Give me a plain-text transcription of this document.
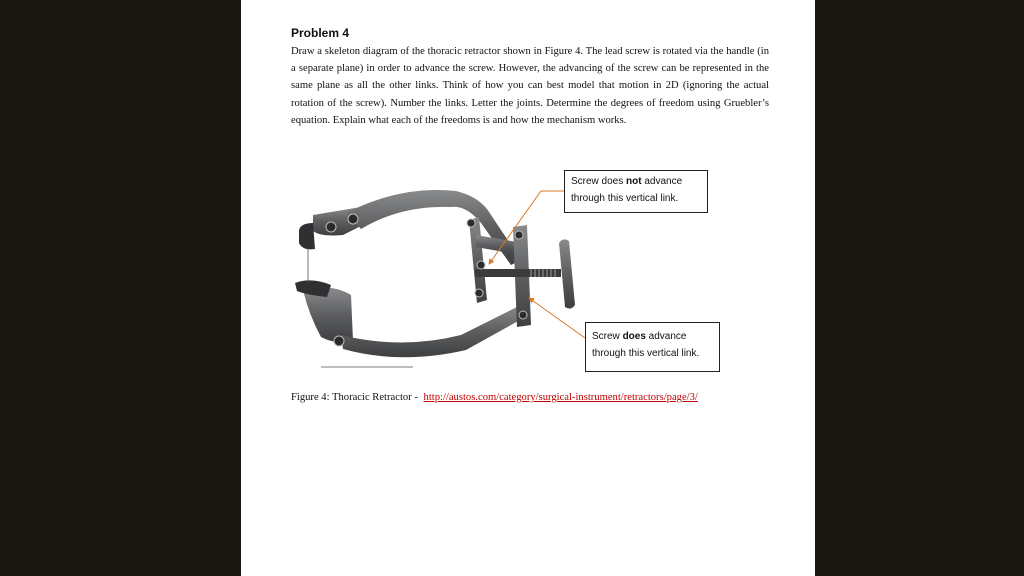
Problem 4
Draw a skeleton diagram of the thoracic retractor shown in Figure 4. The lead screw is rotated via the handle (in a separate plane) in order to advance the screw. However, the advancing of the screw can be represented in the same plane as all the other links. Think of how you can best model that motion in 2D (ignoring the actual rotation of the screw). Number the links. Letter the joints. Determine the degrees of freedom using Gruebler’s equation. Explain what each of the freedoms is and how the mechanism works.
Screw does not advance
through this vertical link.
Screw does advance
through this vertical link.
Figure 4: Thoracic Retractor - http://austos.com/category/surgical-instrument/retractors/page/3/
